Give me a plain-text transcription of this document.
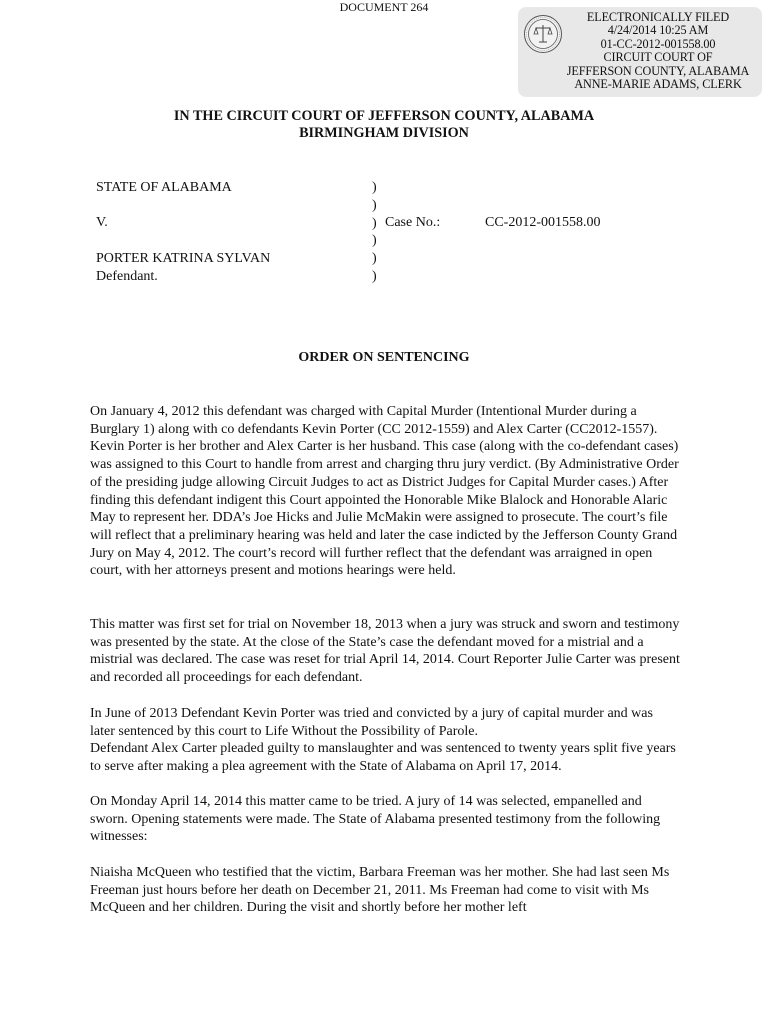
DOCUMENT 264
ELECTRONICALLY FILED
4/24/2014 10:25 AM
01-CC-2012-001558.00
CIRCUIT COURT OF
JEFFERSON COUNTY, ALABAMA
ANNE-MARIE ADAMS, CLERK
IN THE CIRCUIT COURT OF JEFFERSON COUNTY, ALABAMA
BIRMINGHAM DIVISION
STATE OF ALABAMA
V.
PORTER KATRINA SYLVAN
Defendant.
)
)
)
)
)
)
Case No.:	CC-2012-001558.00
ORDER ON SENTENCING

On January 4, 2012 this defendant was charged with Capital Murder (Intentional Murder during a Burglary 1) along with co defendants Kevin Porter (CC 2012-1559) and Alex Carter (CC2012-1557). Kevin Porter is her brother and Alex Carter is her husband. This case (along with the co-defendant cases) was assigned to this Court to handle from arrest and charging thru jury verdict. (By Administrative Order of the presiding judge allowing Circuit Judges to act as District Judges for Capital Murder cases.) After finding this defendant indigent this Court appointed the Honorable Mike Blalock and Honorable Alaric May to represent her. DDA’s Joe Hicks and Julie McMakin were assigned to prosecute. The court’s file will reflect that a preliminary hearing was held and later the case indicted by the Jefferson County Grand Jury on May 4, 2012. The court’s record will further reflect that the defendant was arraigned in open court, with her attorneys present and motions hearings were held.

This matter was first set for trial on November 18, 2013 when a jury was struck and sworn and testimony was presented by the state. At the close of the State’s case the defendant moved for a mistrial and a mistrial was declared. The case was reset for trial April 14, 2014. Court Reporter Julie Carter was present and recorded all proceedings for each defendant.

In June of 2013 Defendant Kevin Porter was tried and convicted by a jury of capital murder and was later sentenced by this court to Life Without the Possibility of Parole.

Defendant Alex Carter pleaded guilty to manslaughter and was sentenced to twenty years split five years to serve after making a plea agreement with the State of Alabama on April 17, 2014.

On Monday April 14, 2014 this matter came to be tried. A jury of 14 was selected, empanelled and sworn. Opening statements were made. The State of Alabama presented testimony from the following witnesses:

Niaisha McQueen who testified that the victim, Barbara Freeman was her mother. She had last seen Ms Freeman just hours before her death on December 21, 2011. Ms Freeman had come to visit with Ms McQueen and her children. During the visit and shortly before her mother left
